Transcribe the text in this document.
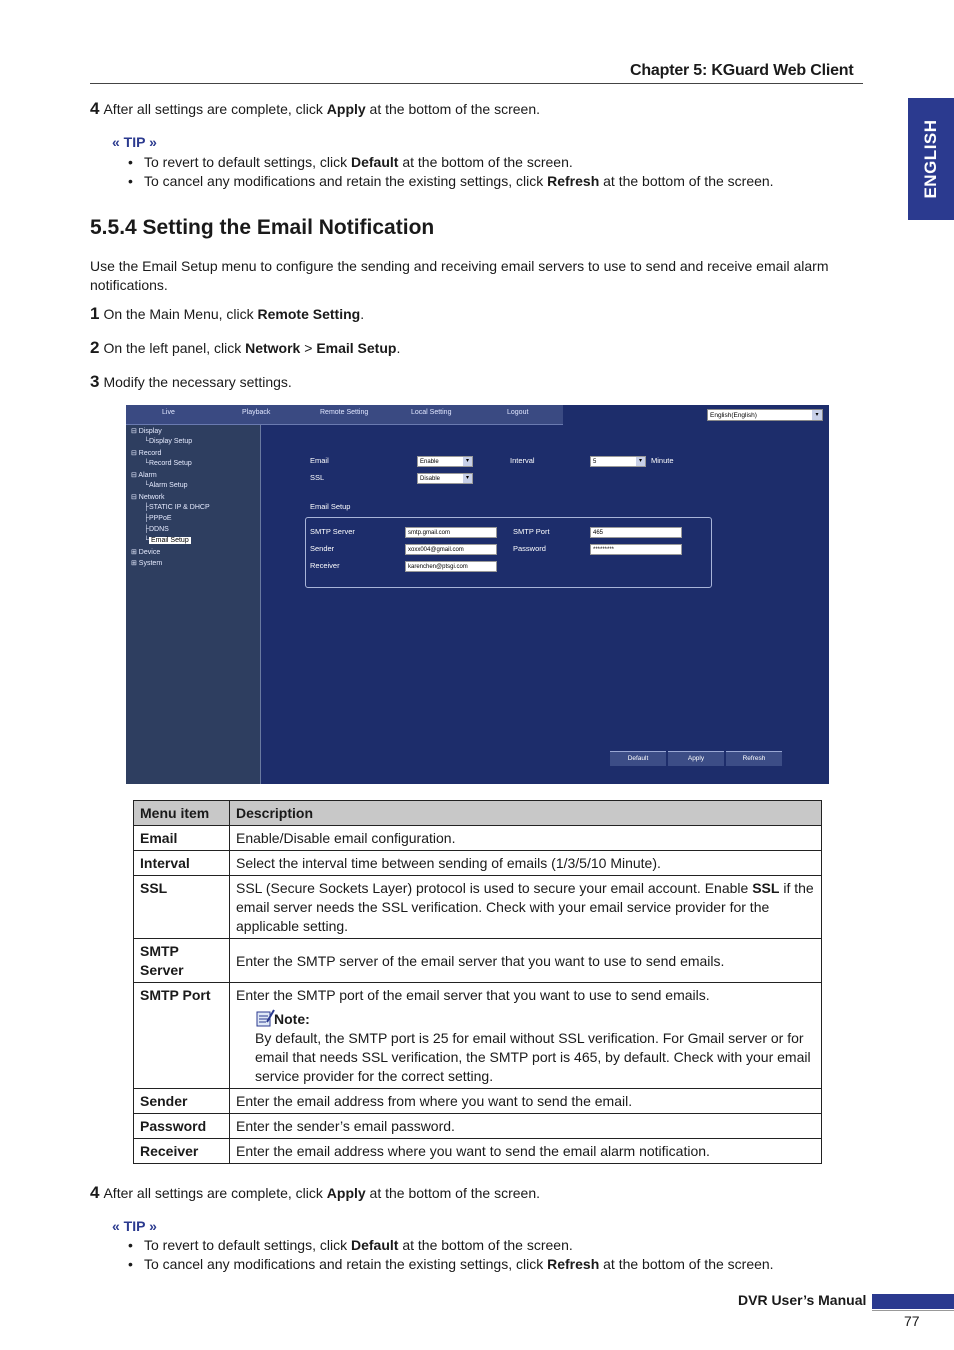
Chapter 5: KGuard Web Client
ENGLISH
4 After all settings are complete, click Apply at the bottom of the screen.
« TIP »
• To revert to default settings, click Default at the bottom of the screen.
• To cancel any modifications and retain the existing settings, click Refresh at the bottom of the screen.
5.5.4 Setting the Email Notification
Use the Email Setup menu to configure the sending and receiving email servers to use to send and receive email alarm notifications.
1 On the Main Menu, click Remote Setting.
2 On the left panel, click Network > Email Setup.
3 Modify the necessary settings.
Live	Playback	Remote Setting	Local Setting	Logout	English(English)	▾
⊟ Display
└Display Setup
⊟ Record
└Record Setup
⊟ Alarm
└Alarm Setup
⊟ Network
├STATIC IP & DHCP
├PPPoE
├DDNS
└ Email Setup
⊞ Device
⊞ System
Email	Enable	▾
SSL	Disable	▾
Interval	5	▾	Minute
Email Setup
SMTP Server	smtp.gmail.com
Sender	xoxx004@gmail.com
Receiver	karenchen@ptsgi.com
SMTP Port	465
Password	*********
Default	Apply	Refresh
Menu item	Description
Email	Enable/Disable email configuration.
Interval	Select the interval time between sending of emails (1/3/5/10 Minute).
SSL	SSL (Secure Sockets Layer) protocol is used to secure your email account. Enable SSL if the email server needs the SSL verification. Check with your email service provider for the applicable setting.
SMTP Server	Enter the SMTP server of the email server that you want to use to send emails.
SMTP Port	Enter the SMTP port of the email server that you want to use to send emails.
Note:
By default, the SMTP port is 25 for email without SSL verification. For Gmail server or for email that needs SSL verification, the SMTP port is 465, by default. Check with your email service provider for the correct setting.

Sender	Enter the email address from where you want to send the email.
Password	Enter the sender’s email password.
Receiver	Enter the email address where you want to send the email alarm notification.
4 After all settings are complete, click Apply at the bottom of the screen.
« TIP »
• To revert to default settings, click Default at the bottom of the screen.
• To cancel any modifications and retain the existing settings, click Refresh at the bottom of the screen.
DVR User’s Manual
77
